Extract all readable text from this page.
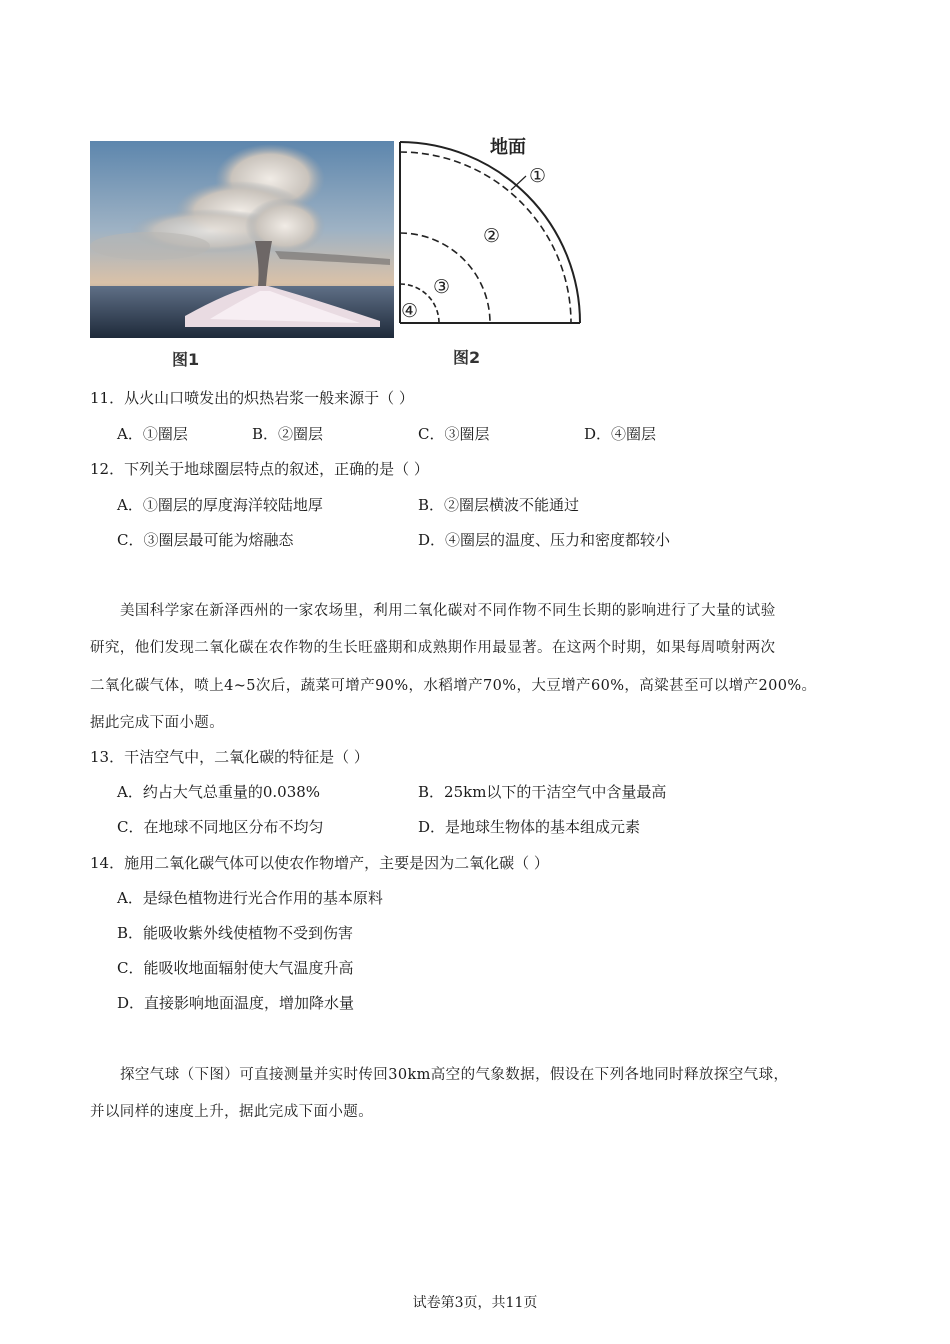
图1
地面
①
②
③
④
图2
11．从火山口喷发出的炽热岩浆一般来源于（ ）
A．①圈层	B．②圈层	C．③圈层	D．④圈层
12．下列关于地球圈层特点的叙述，正确的是（ ）
A．①圈层的厚度海洋较陆地厚	B．②圈层横波不能通过
C．③圈层最可能为熔融态	D．④圈层的温度、压力和密度都较小
美国科学家在新泽西州的一家农场里，利用二氧化碳对不同作物不同生长期的影响进行了大量的试验
研究，他们发现二氧化碳在农作物的生长旺盛期和成熟期作用最显著。在这两个时期，如果每周喷射两次
二氧化碳气体，喷上4~5次后，蔬菜可增产90%，水稻增产70%，大豆增产60%，高粱甚至可以增产200%。
据此完成下面小题。
13．干洁空气中，二氧化碳的特征是（ ）
A．约占大气总重量的0.038%	B．25km以下的干洁空气中含量最高
C．在地球不同地区分布不均匀	D．是地球生物体的基本组成元素
14．施用二氧化碳气体可以使农作物增产，主要是因为二氧化碳（ ）
A．是绿色植物进行光合作用的基本原料
B．能吸收紫外线使植物不受到伤害
C．能吸收地面辐射使大气温度升高
D．直接影响地面温度，增加降水量
探空气球（下图）可直接测量并实时传回30km高空的气象数据，假设在下列各地同时释放探空气球，
并以同样的速度上升，据此完成下面小题。
试卷第3页，共11页
